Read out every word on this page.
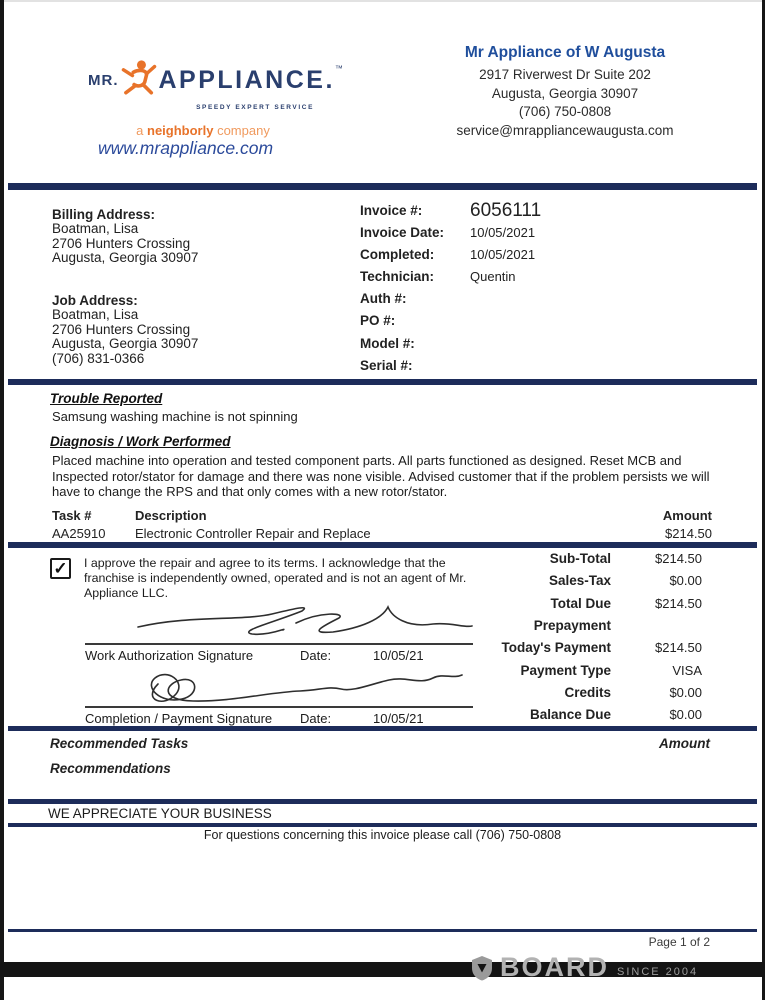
MR. APPLIANCE. ™
SPEEDY EXPERT SERVICE
a neighborly company
www.mrappliance.com
Mr Appliance of W Augusta
2917 Riverwest Dr Suite 202
Augusta, Georgia 30907
(706) 750-0808
service@mrappliancewaugusta.com
Billing Address:
Boatman, Lisa
2706 Hunters Crossing
Augusta, Georgia 30907
Job Address:
Boatman, Lisa
2706 Hunters Crossing
Augusta, Georgia 30907
(706) 831-0366
Invoice #:	6056111
Invoice Date:	10/05/2021
Completed:	10/05/2021
Technician:	Quentin
Auth #:
PO #:
Model #:
Serial #:
Trouble Reported
Samsung washing machine is not spinning
Diagnosis / Work Performed
Placed machine into operation and tested component parts. All parts functioned as designed. Reset MCB and Inspected rotor/stator for damage and there was none visible. Advised customer that if the problem persists we will have to change the RPS and that only comes with a new rotor/stator.
Task #	Description	Amount
AA25910	Electronic Controller Repair and Replace	$214.50
✓ I approve the repair and agree to its terms. I acknowledge that the franchise is independently owned, operated and is not an agent of Mr. Appliance LLC.
Work Authorization Signature	Date:	10/05/21
Completion / Payment Signature	Date:	10/05/21
Sub-Total	$214.50
Sales-Tax	$0.00
Total Due	$214.50
Prepayment
Today's Payment	$214.50
Payment Type	VISA
Credits	$0.00
Balance Due	$0.00
Recommended Tasks	Amount
Recommendations
WE APPRECIATE YOUR BUSINESS
For questions concerning this invoice please call (706) 750-0808
Page 1 of 2
BOARD SINCE 2004
